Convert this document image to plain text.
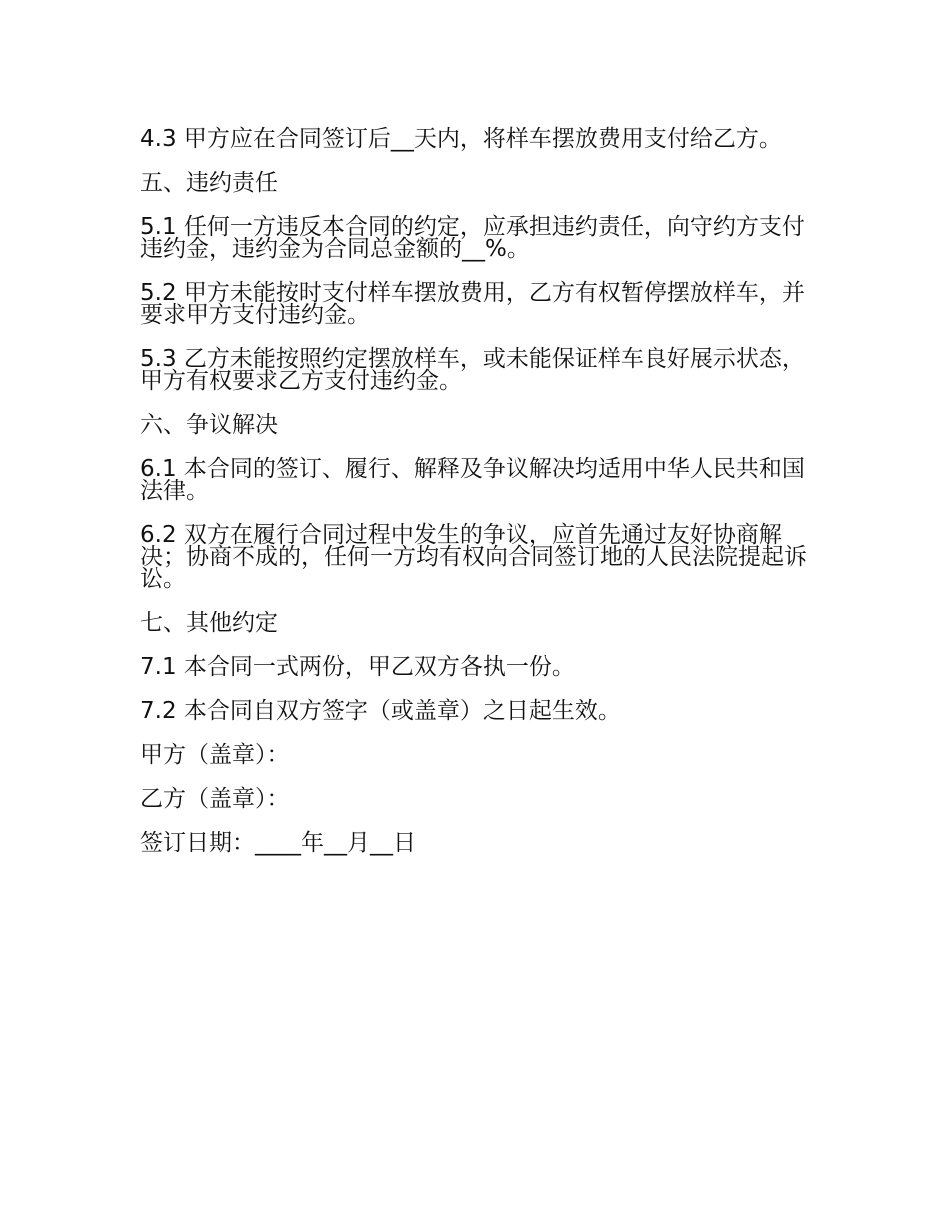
4.3 甲方应在合同签订后__天内，将样车摆放费用支付给乙方。

五、违约责任

5.1 任何一方违反本合同的约定，应承担违约责任，向守约方支付违约金，违约金为合同总金额的__%。

5.2 甲方未能按时支付样车摆放费用，乙方有权暂停摆放样车，并要求甲方支付违约金。

5.3 乙方未能按照约定摆放样车，或未能保证样车良好展示状态，甲方有权要求乙方支付违约金。

六、争议解决

6.1 本合同的签订、履行、解释及争议解决均适用中华人民共和国法律。

6.2 双方在履行合同过程中发生的争议，应首先通过友好协商解决；协商不成的，任何一方均有权向合同签订地的人民法院提起诉讼。

七、其他约定

7.1 本合同一式两份，甲乙双方各执一份。

7.2 本合同自双方签字（或盖章）之日起生效。

甲方（盖章）：

乙方（盖章）：

签订日期：____年__月__日
